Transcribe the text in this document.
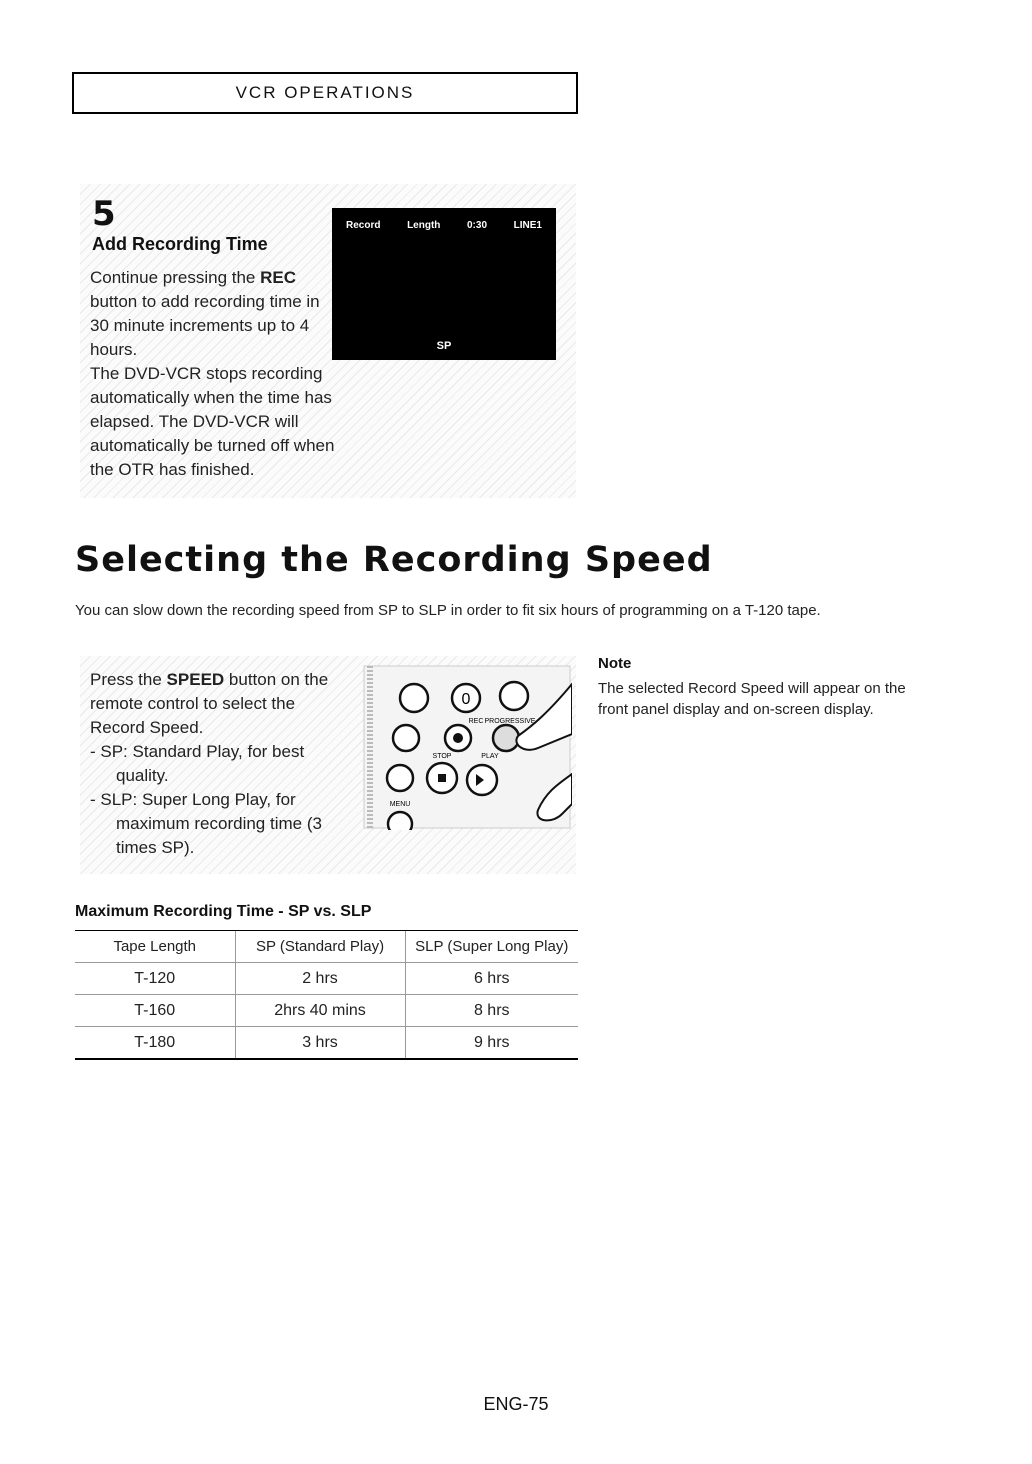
VCR OPERATIONS
5
Add Recording Time

Continue pressing the REC button to add recording time in 30 minute increments up to 4 hours.

The DVD-VCR stops recording automatically when the time has elapsed. The DVD-VCR will automatically be turned off when the OTR has finished.

Record	Length	0:30	LINE1
SP
Selecting the Recording Speed
You can slow down the recording speed from SP to SLP in order to fit six hours of programming on a T-120 tape.

Press the SPEED button on the remote control to select the Record Speed.

- SP: Standard Play, for best

quality.

- SLP: Super Long Play, for

maximum recording time (3 times SP).

0
REC PROGRESSIVE
STOP	PLAY
MENU
Note
The selected Record Speed will appear on the front panel display and on-screen display.
Maximum Recording Time - SP vs. SLP
Tape Length	SP (Standard Play)	SLP (Super Long Play)
T-120	2 hrs	6 hrs
T-160	2hrs 40 mins	8 hrs
T-180	3 hrs	9 hrs
ENG-75
